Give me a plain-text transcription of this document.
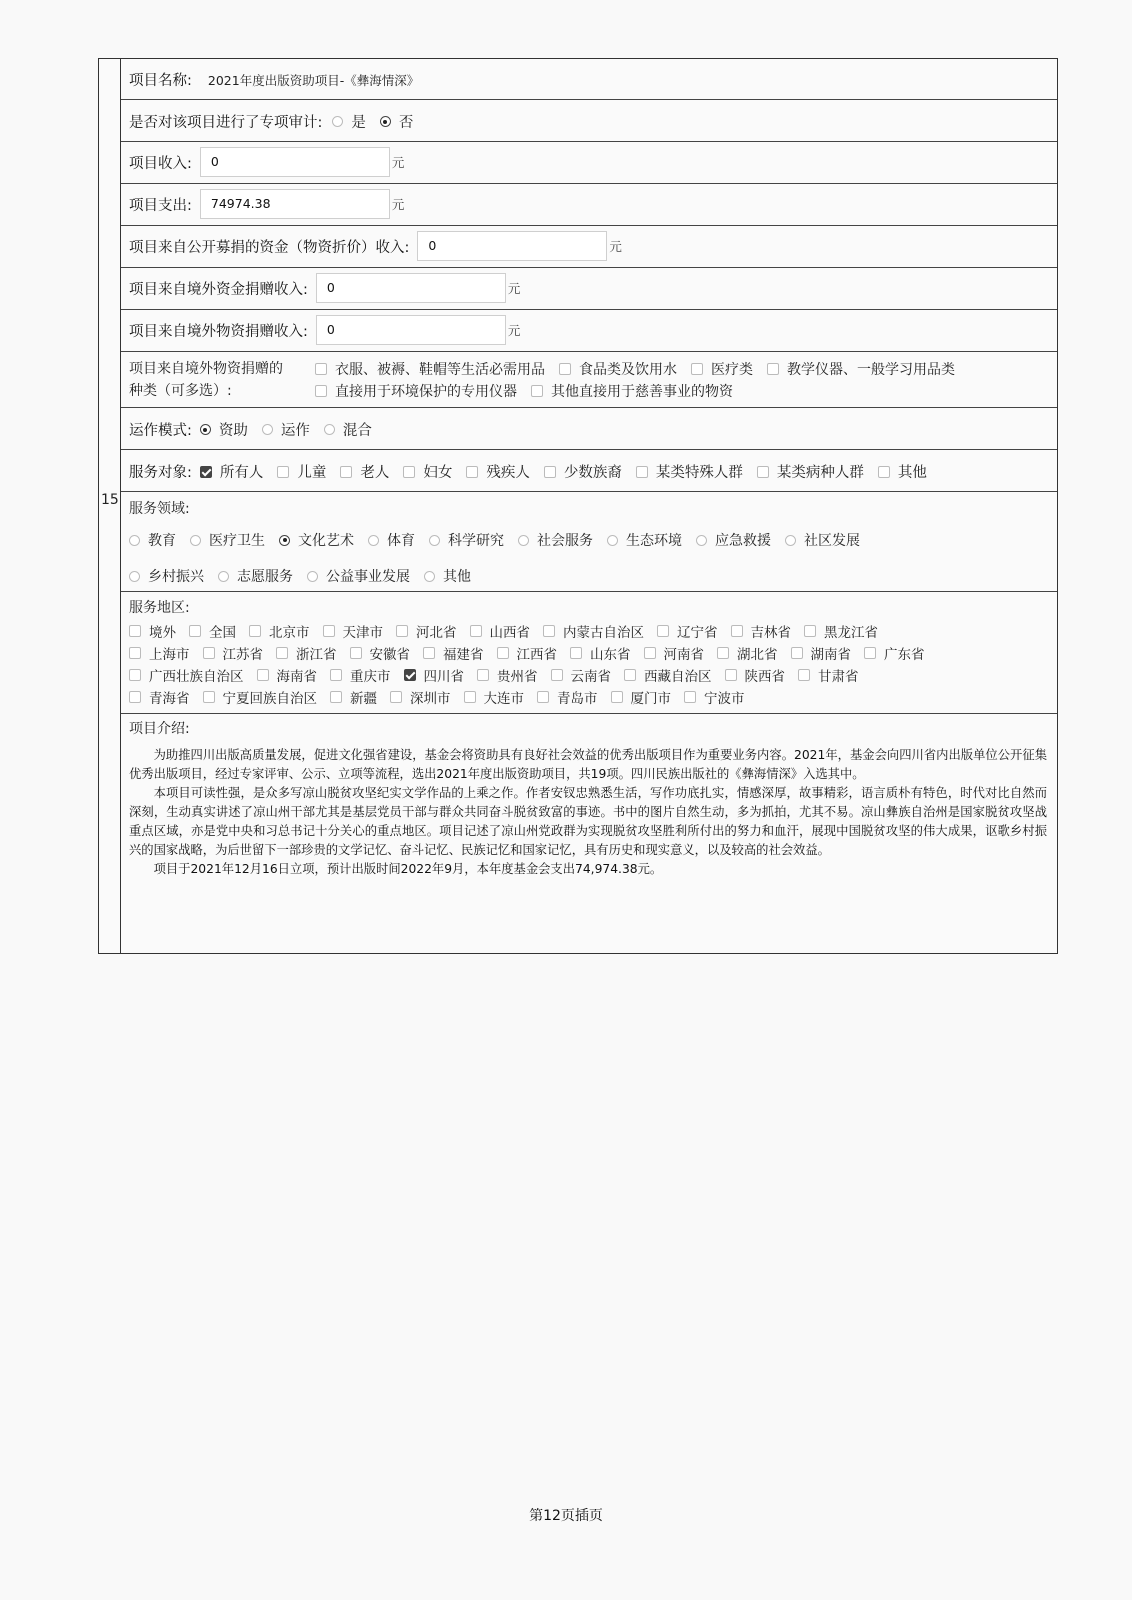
15
项目名称: 2021年度出版资助项目-《彝海情深》
是否对该项目进行了专项审计: 是 否
项目收入:	0	元
项目支出:	74974.38	元
项目来自公开募捐的资金（物资折价）收入:	0	元
项目来自境外资金捐赠收入:	0	元
项目来自境外物资捐赠收入:	0	元
项目来自境外物资捐赠的
种类（可多选）:
衣服、被褥、鞋帽等生活必需用品 食品类及饮用水 医疗类 教学仪器、一般学习用品类
直接用于环境保护的专用仪器 其他直接用于慈善事业的物资
运作模式: 资助 运作 混合
服务对象: 所有人 儿童 老人 妇女 残疾人 少数族裔 某类特殊人群 某类病种人群 其他
服务领域:
教育 医疗卫生 文化艺术 体育 科学研究 社会服务 生态环境 应急救援 社区发展
乡村振兴 志愿服务 公益事业发展 其他
服务地区:
境外 全国 北京市 天津市 河北省 山西省 内蒙古自治区 辽宁省 吉林省 黑龙江省
上海市 江苏省 浙江省 安徽省 福建省 江西省 山东省 河南省 湖北省 湖南省 广东省
广西壮族自治区 海南省 重庆市 四川省 贵州省 云南省 西藏自治区 陕西省 甘肃省
青海省 宁夏回族自治区 新疆 深圳市 大连市 青岛市 厦门市 宁波市
项目介绍:

为助推四川出版高质量发展，促进文化强省建设，基金会将资助具有良好社会效益的优秀出版项目作为重要业务内容。2021年，基金会向四川省内出版单位公开征集优秀出版项目，经过专家评审、公示、立项等流程，选出2021年度出版资助项目，共19项。四川民族出版社的《彝海情深》入选其中。

本项目可读性强，是众多写凉山脱贫攻坚纪实文学作品的上乘之作。作者安钗忠熟悉生活，写作功底扎实，情感深厚，故事精彩，语言质朴有特色，时代对比自然而深刻，生动真实讲述了凉山州干部尤其是基层党员干部与群众共同奋斗脱贫致富的事迹。书中的图片自然生动，多为抓拍，尤其不易。凉山彝族自治州是国家脱贫攻坚战重点区域，亦是党中央和习总书记十分关心的重点地区。项目记述了凉山州党政群为实现脱贫攻坚胜利所付出的努力和血汗，展现中国脱贫攻坚的伟大成果，讴歌乡村振兴的国家战略，为后世留下一部珍贵的文学记忆、奋斗记忆、民族记忆和国家记忆，具有历史和现实意义，以及较高的社会效益。

项目于2021年12月16日立项，预计出版时间2022年9月，本年度基金会支出74,974.38元。

第12页插页
